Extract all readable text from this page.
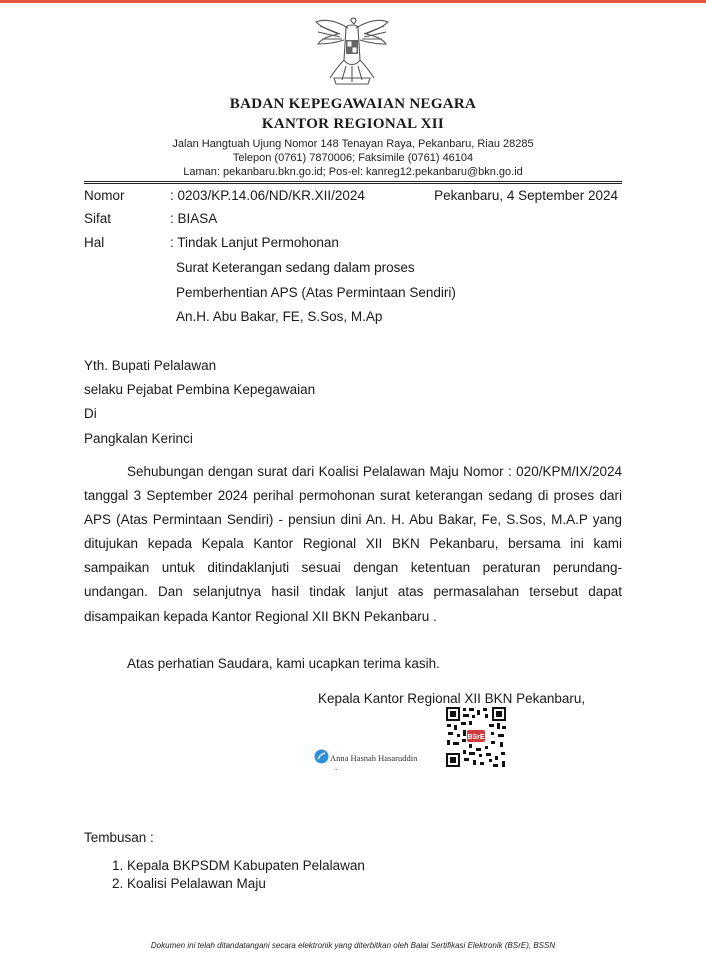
BADAN KEPEGAWAIAN NEGARA
KANTOR REGIONAL XII
Jalan Hangtuah Ujung Nomor 148 Tenayan Raya, Pekanbaru, Riau 28285
Telepon (0761) 7870006; Faksimile (0761) 46104
Laman: pekanbaru.bkn.go.id; Pos-el: kanreg12.pekanbaru@bkn.go.id
Nomor	: 0203/KP.14.06/ND/KR.XII/2024	Pekanbaru, 4 September 2024
Sifat	: BIASA
Hal	: Tindak Lanjut Permohonan
Surat Keterangan sedang dalam proses
Pemberhentian APS (Atas Permintaan Sendiri)
An.H. Abu Bakar, FE, S.Sos, M.Ap
Yth. Bupati Pelalawan
selaku Pejabat Pembina Kepegawaian
Di
Pangkalan Kerinci
Sehubungan dengan surat dari Koalisi Pelalawan Maju Nomor : 020/KPM/IX/2024 tanggal 3 September 2024 perihal permohonan surat keterangan sedang di proses dari APS (Atas Permintaan Sendiri) - pensiun dini An. H. Abu Bakar, Fe, S.Sos, M.A.P yang ditujukan kepada Kepala Kantor Regional XII BKN Pekanbaru, bersama ini kami sampaikan untuk ditindaklanjuti sesuai dengan ketentuan peraturan perundang-undangan. Dan selanjutnya hasil tindak lanjut atas permasalahan tersebut dapat disampaikan kepada Kantor Regional XII BKN Pekanbaru .
Atas perhatian Saudara, kami ucapkan terima kasih.
Kepala Kantor Regional XII BKN Pekanbaru,
BSrE
Anna Hasnah Hasaruddin
..
Tembusan :
1. Kepala BKPSDM Kabupaten Pelalawan
2. Koalisi Pelalawan Maju
Dokumen ini telah ditandatangani secara elektronik yang diterbitkan oleh Balai Sertifikasi Elektronik (BSrE), BSSN
